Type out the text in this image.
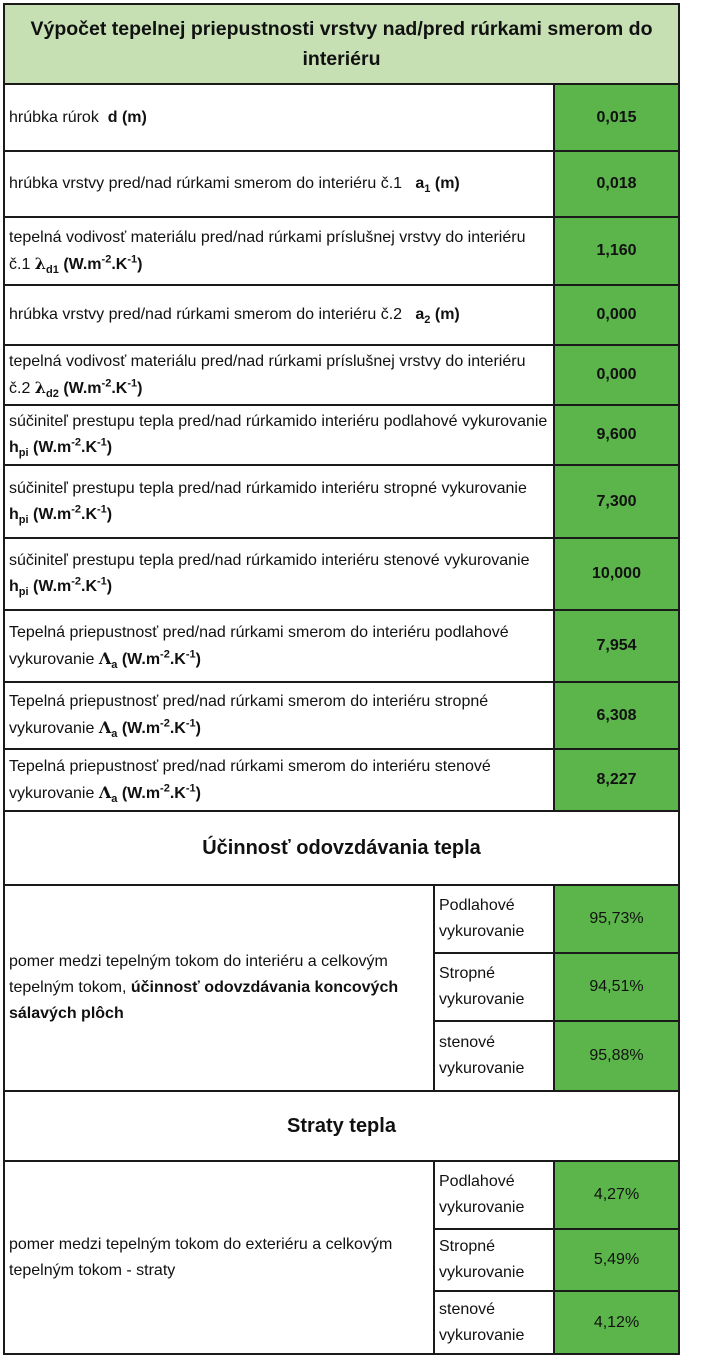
Výpočet tepelnej priepustnosti vrstvy nad/pred rúrkami smerom do interiéru		
hrúbka rúrok d (m)		0,015
hrúbka vrstvy pred/nad rúrkami smerom do interiéru č.1 $a_1$ (m)		0,018
tepelná vodivosť materiálu pred/nad rúrkami príslušnej vrstvy do interiéru č.1 $\lambda_{d1}$ $(W.m^{-2}.K^{-1})$		1,160
hrúbka vrstvy pred/nad rúrkami smerom do interiéru č.2 $a_2$ (m)		0,000
tepelná vodivosť materiálu pred/nad rúrkami príslušnej vrstvy do interiéru č.2 $\lambda_{d2}$ $(W.m^{-2}.K^{-1})$		0,000
súčiniteľ prestupu tepla pred/nad rúrkamido interiéru podlahové vykurovanie $h_{pi}$ $(W.m^{-2}.K^{-1})$		9,600
súčiniteľ prestupu tepla pred/nad rúrkamido interiéru stropné vykurovanie $h_{pi}$ $(W.m^{-2}.K^{-1})$		7,300
súčiniteľ prestupu tepla pred/nad rúrkamido interiéru stenové vykurovanie $h_{pi}$ $(W.m^{-2}.K^{-1})$		10,000
Tepelná priepustnosť pred/nad rúrkami smerom do interiéru podlahové vykurovanie $\Lambda_a$ $(W.m^{-2}.K^{-1})$		7,954
Tepelná priepustnosť pred/nad rúrkami smerom do interiéru stropné vykurovanie $\Lambda_a$ $(W.m^{-2}.K^{-1})$		6,308
Tepelná priepustnosť pred/nad rúrkami smerom do interiéru stenové vykurovanie $\Lambda_a$ $(W.m^{-2}.K^{-1})$		8,227
Účinnosť odovzdávania tepla		
pomer medzi tepelným tokom do interiéru a celkovým tepelným tokom, účinnosť odovzdávania koncových sálavých plôch	Podlahové vykurovanie	95,73%
	Stropné vykurovanie	94,51%
	stenové vykurovanie	95,88%
Straty tepla		
pomer medzi tepelným tokom do exteriéru a celkovým tepelným tokom - straty	Podlahové vykurovanie	4,27%
	Stropné vykurovanie	5,49%
	stenové vykurovanie	4,12%
